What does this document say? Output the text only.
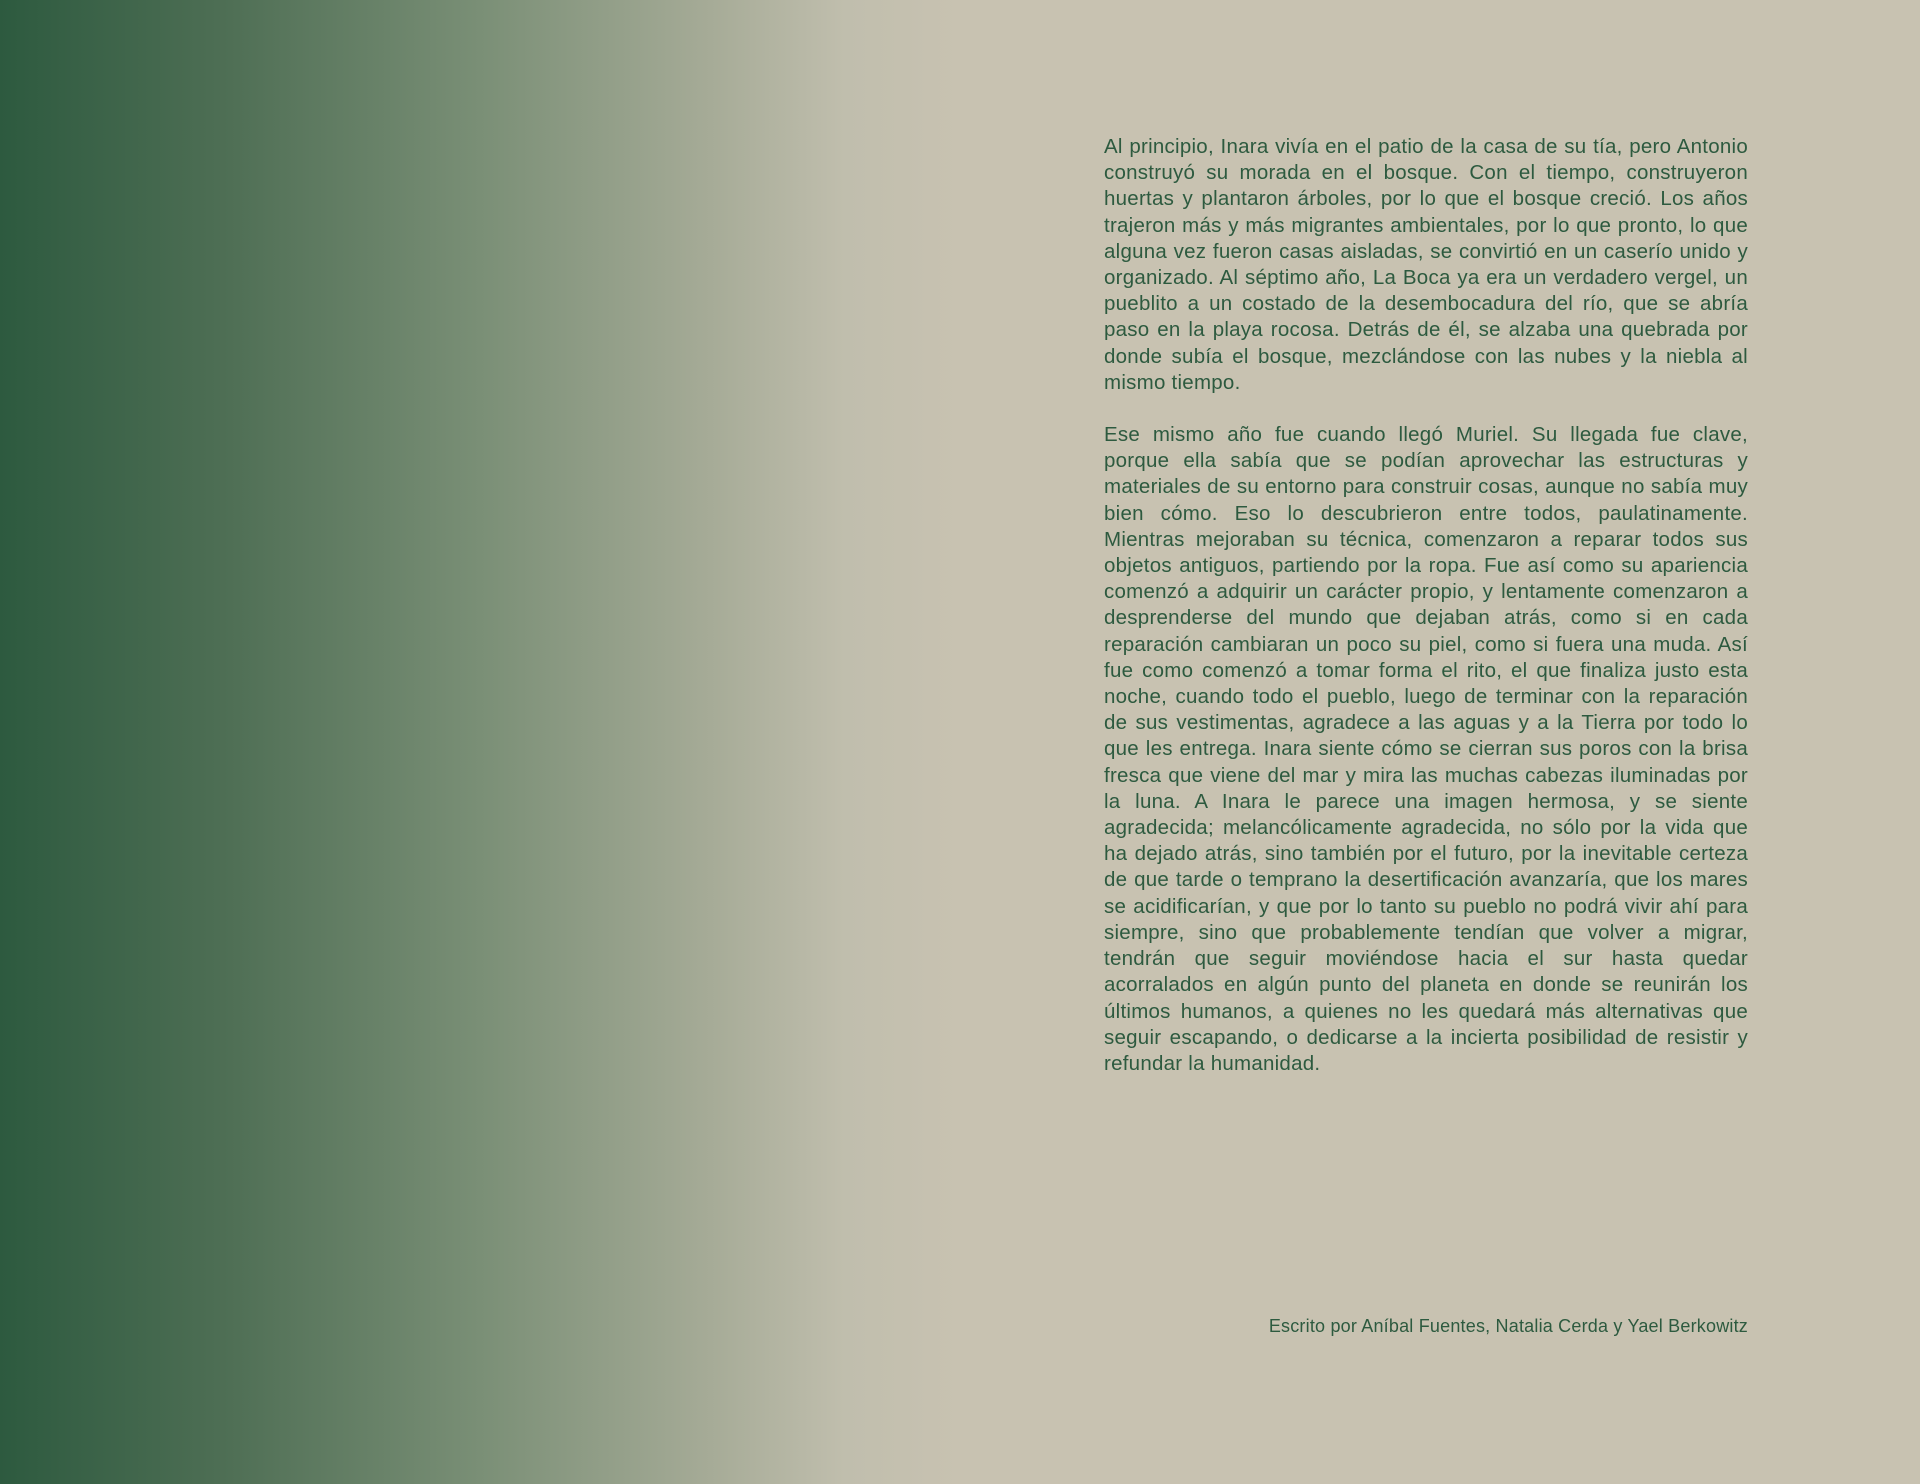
Al principio, Inara vivía en el patio de la casa de su tía, pero Antonio construyó su morada en el bosque. Con el tiempo, construyeron huertas y plantaron árboles, por lo que el bosque creció. Los años trajeron más y más migrantes ambientales, por lo que pronto, lo que alguna vez fueron casas aisladas, se convirtió en un caserío unido y organizado. Al séptimo año, La Boca ya era un verdadero vergel, un pueblito a un costado de la desembocadura del río, que se abría paso en la playa rocosa. Detrás de él, se alzaba una quebrada por donde subía el bosque, mezclándose con las nubes y la niebla al mismo tiempo.

Ese mismo año fue cuando llegó Muriel. Su llegada fue clave, porque ella sabía que se podían aprovechar las estructuras y materiales de su entorno para construir cosas, aunque no sabía muy bien cómo. Eso lo descubrieron entre todos, paulatinamente. Mientras mejoraban su técnica, comenzaron a reparar todos sus objetos antiguos, partiendo por la ropa. Fue así como su apariencia comenzó a adquirir un carácter propio, y lentamente comenzaron a desprenderse del mundo que dejaban atrás, como si en cada reparación cambiaran un poco su piel, como si fuera una muda. Así fue como comenzó a tomar forma el rito, el que finaliza justo esta noche, cuando todo el pueblo, luego de terminar con la reparación de sus vestimentas, agradece a las aguas y a la Tierra por todo lo que les entrega. Inara siente cómo se cierran sus poros con la brisa fresca que viene del mar y mira las muchas cabezas iluminadas por la luna. A Inara le parece una imagen hermosa, y se siente agradecida; melancólicamente agradecida, no sólo por la vida que ha dejado atrás, sino también por el futuro, por la inevitable certeza de que tarde o temprano la desertificación avanzaría, que los mares se acidificarían, y que por lo tanto su pueblo no podrá vivir ahí para siempre, sino que probablemente tendían que volver a migrar, tendrán que seguir moviéndose hacia el sur hasta quedar acorralados en algún punto del planeta en donde se reunirán los últimos humanos, a quienes no les quedará más alternativas que seguir escapando, o dedicarse a la incierta posibilidad de resistir y refundar la humanidad.

Escrito por Aníbal Fuentes, Natalia Cerda y Yael Berkowitz
